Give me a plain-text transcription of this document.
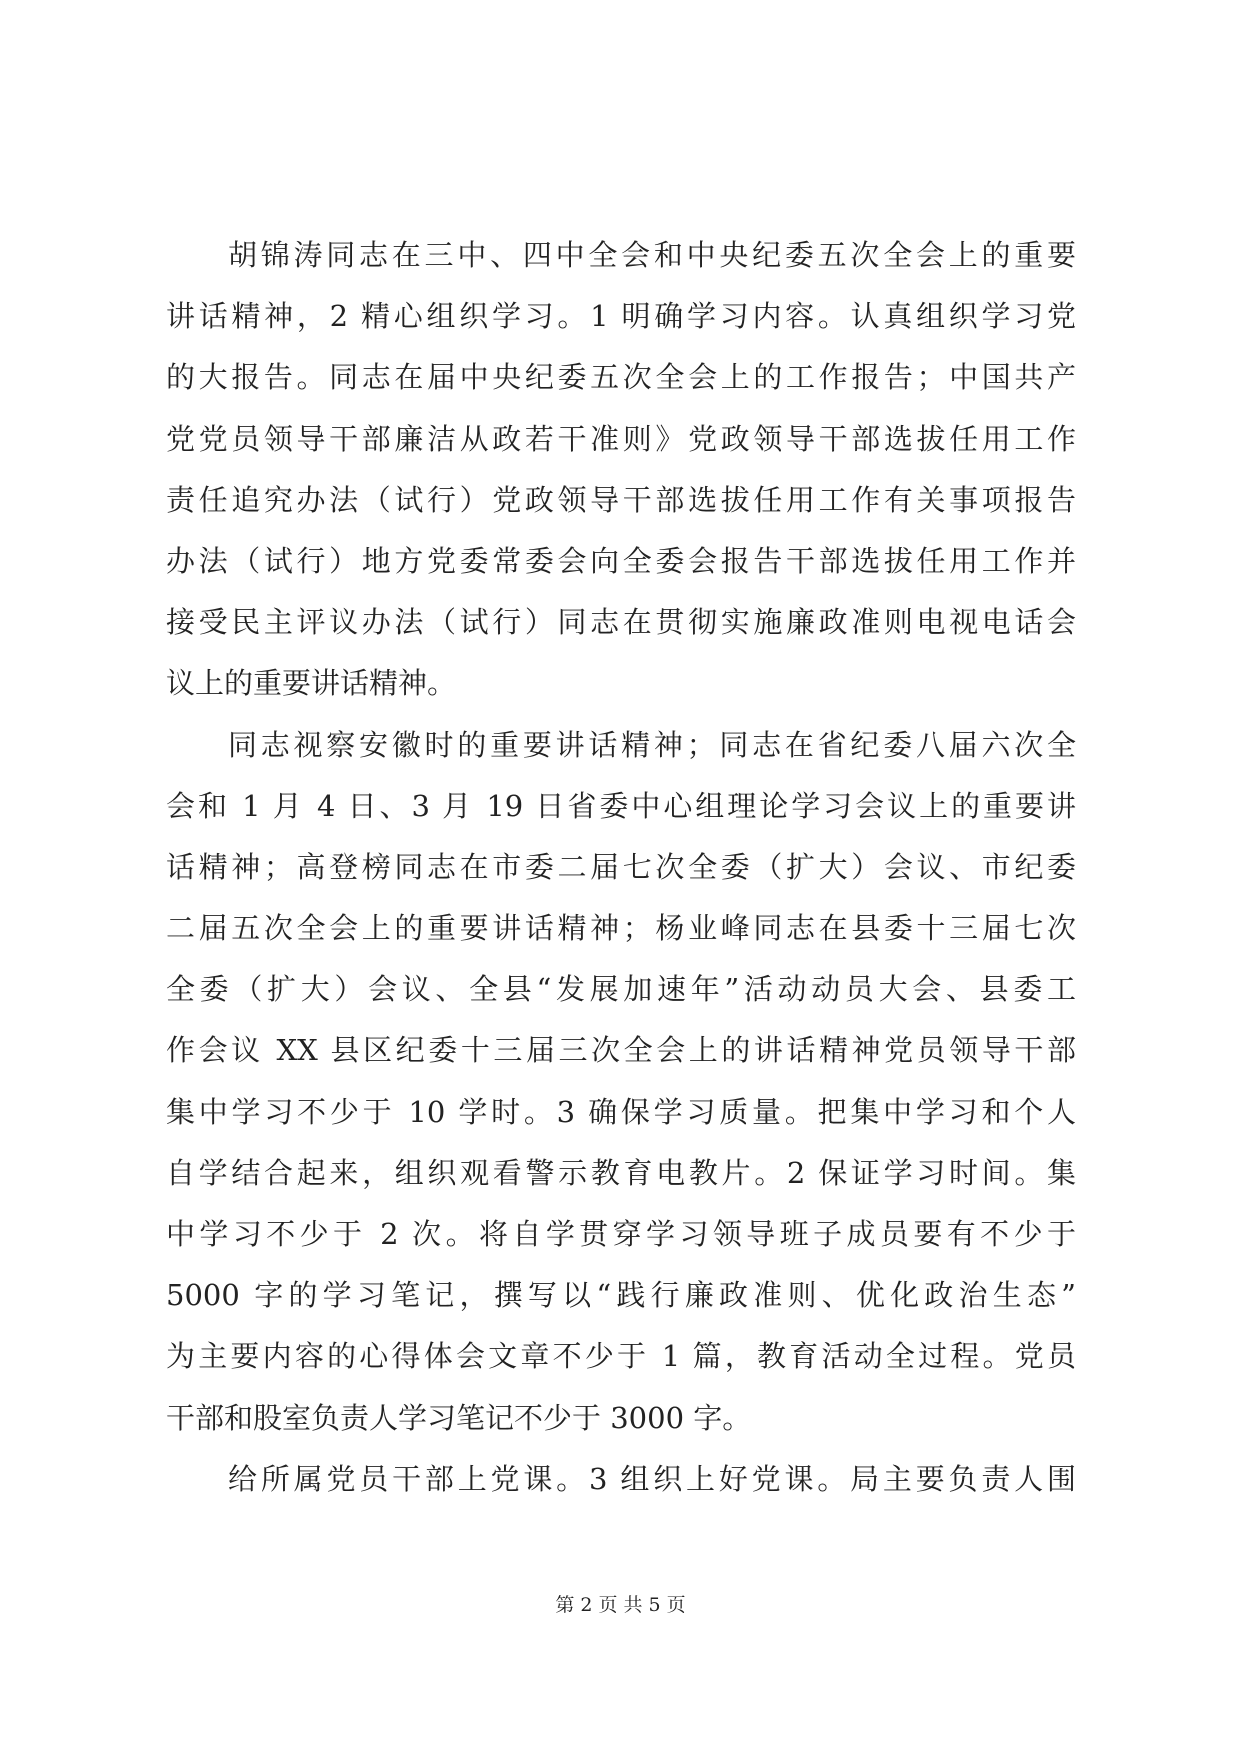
胡锦涛同志在三中、四中全会和中央纪委五次全会上的重要
讲话精神，2 精心组织学习。1 明确学习内容。认真组织学习党
的大报告。同志在届中央纪委五次全会上的工作报告；中国共产
党党员领导干部廉洁从政若干准则》党政领导干部选拔任用工作
责任追究办法（试行）党政领导干部选拔任用工作有关事项报告
办法（试行）地方党委常委会向全委会报告干部选拔任用工作并
接受民主评议办法（试行）同志在贯彻实施廉政准则电视电话会
议上的重要讲话精神。
同志视察安徽时的重要讲话精神；同志在省纪委八届六次全
会和 1 月 4 日、3 月 19 日省委中心组理论学习会议上的重要讲
话精神；高登榜同志在市委二届七次全委（扩大）会议、市纪委
二届五次全会上的重要讲话精神；杨业峰同志在县委十三届七次
全委（扩大）会议、全县“发展加速年”活动动员大会、县委工
作会议 XX 县区纪委十三届三次全会上的讲话精神党员领导干部
集中学习不少于 10 学时。3 确保学习质量。把集中学习和个人
自学结合起来，组织观看警示教育电教片。2 保证学习时间。集
中学习不少于 2 次。将自学贯穿学习领导班子成员要有不少于
5000 字的学习笔记，撰写以“践行廉政准则、优化政治生态”
为主要内容的心得体会文章不少于 1 篇，教育活动全过程。党员
干部和股室负责人学习笔记不少于 3000 字。
给所属党员干部上党课。3 组织上好党课。局主要负责人围
第 2 页 共 5 页
